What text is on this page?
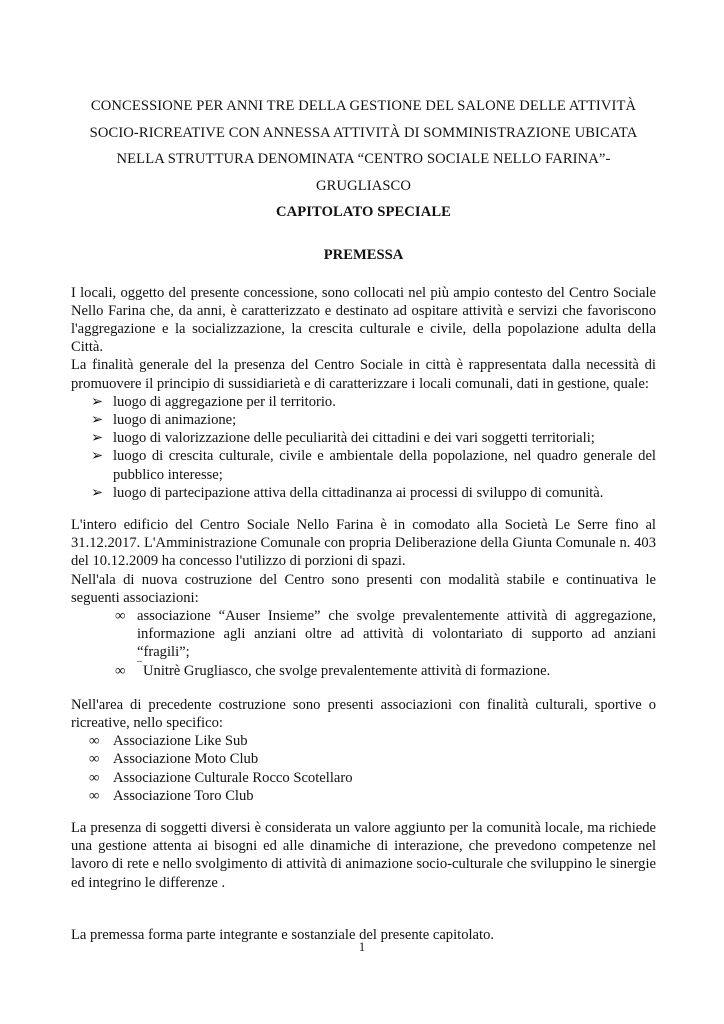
CONCESSIONE PER ANNI TRE DELLA GESTIONE DEL SALONE DELLE ATTIVITÀ
SOCIO-RICREATIVE CON ANNESSA ATTIVITÀ DI SOMMINISTRAZIONE UBICATA
NELLA STRUTTURA DENOMINATA “CENTRO SOCIALE NELLO FARINA”-
GRUGLIASCO
CAPITOLATO SPECIALE
PREMESSA

I locali, oggetto del presente concessione, sono collocati nel più ampio contesto del Centro Sociale Nello Farina che, da anni, è caratterizzato e destinato ad ospitare attività e servizi che favoriscono l'aggregazione e la socializzazione, la crescita culturale e civile, della popolazione adulta della Città.

La finalità generale del la presenza del Centro Sociale in città è rappresentata dalla necessità di promuovere il principio di sussidiarietà e di caratterizzare i locali comunali, dati in gestione, quale:

➢ luogo di aggregazione per il territorio.
➢ luogo di animazione;
➢ luogo di valorizzazione delle peculiarità dei cittadini e dei vari soggetti territoriali;
➢ luogo di crescita culturale, civile e ambientale della popolazione, nel quadro generale del pubblico interesse;
➢ luogo di partecipazione attiva della cittadinanza ai processi di sviluppo di comunità.

L'intero edificio del Centro Sociale Nello Farina è in comodato alla Società Le Serre fino al 31.12.2017. L'Amministrazione Comunale con propria Deliberazione della Giunta Comunale n. 403 del 10.12.2009 ha concesso l'utilizzo di porzioni di spazi.

Nell'ala di nuova costruzione del Centro sono presenti con modalità stabile e continuativa le seguenti associazioni:

∞ associazione “Auser Insieme” che svolge prevalentemente attività di aggregazione, informazione agli anziani oltre ad attività di volontariato di supporto ad anziani “fragili”;
∞ ¯Unitrè Grugliasco, che svolge prevalentemente attività di formazione.

Nell'area di precedente costruzione sono presenti associazioni con finalità culturali, sportive o ricreative, nello specifico:

∞ Associazione Like Sub
∞ Associazione Moto Club
∞ Associazione Culturale Rocco Scotellaro
∞ Associazione Toro Club

La presenza di soggetti diversi è considerata un valore aggiunto per la comunità locale, ma richiede una gestione attenta ai bisogni ed alle dinamiche di interazione, che prevedono competenze nel lavoro di rete e nello svolgimento di attività di animazione socio-culturale che sviluppino le sinergie ed integrino le differenze .

La premessa forma parte integrante e sostanziale del presente capitolato.

1
